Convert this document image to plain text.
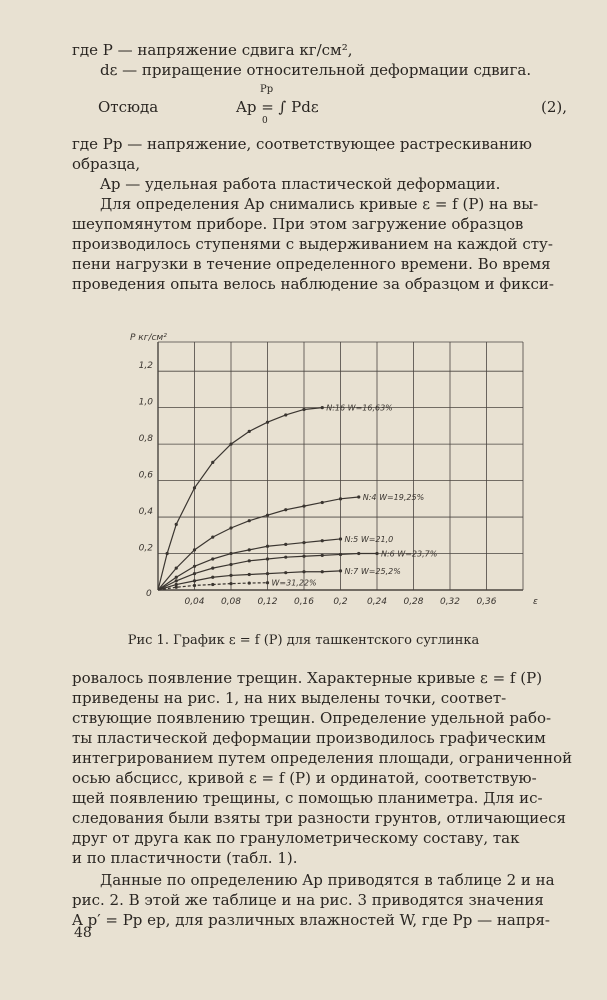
где P — напряжение сдвига кг/см²,
dε — приращение относительной деформации сдвига.

Отсюда
Pр
Aр = ∫ Pdε
0
(2),

где Pр — напряжение, соответствующее растрескиванию
образца,
Aр — удельная работа пластической деформации.

Для определения Aр снимались кривые ε = f (P) на вы-
шеупомянутом приборе. При этом загружение образцов
производилось ступенями с выдерживанием на каждой сту-
пени нагрузки в течение определенного времени. Во время
проведения опыта велось наблюдение за образцом и фикси-

0,2
0,4
0,6
0,8
1,0
1,2
0,04 0,08 0,12 0,16 0,2 0,24 0,28 0,32 0,36
0
P кг/см²
ε
N:16 W=16,63%
N:4 W=19,25%
N:5 W=21,0
N:6 W=23,7%
N:7 W=25,2%
W=31,22%
Рис 1. График ε = f (P) для ташкентского суглинка

ровалось появление трещин. Характерные кривые ε = f (P)
приведены на рис. 1, на них выделены точки, соответ-
ствующие появлению трещин. Определение удельной рабо-
ты пластической деформации производилось графическим
интегрированием путем определения площади, ограниченной
осью абсцисс, кривой ε = f (P) и ординатой, соответствую-
щей появлению трещины, с помощью планиметра. Для ис-
следования были взяты три разности грунтов, отличающиеся
друг от друга как по гранулометрическому составу, так
и по пластичности (табл. 1).

Данные по определению Aр приводятся в таблице 2 и на
рис. 2. В этой же таблице и на рис. 3 приводятся значения
A р′ = Pр eр, для различных влажностей W, где Pр — напря-

48
